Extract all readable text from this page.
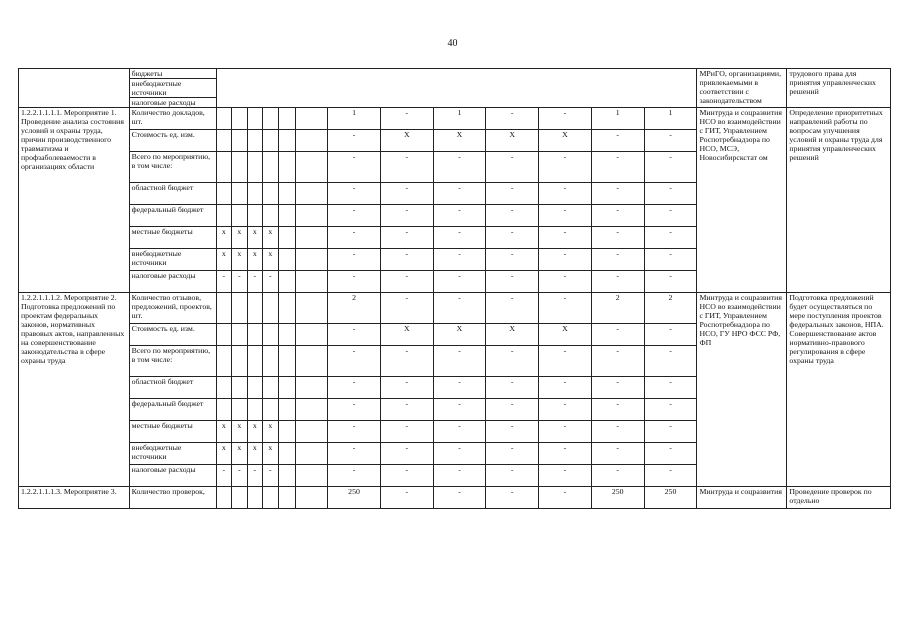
40
	бюджеты														МРиГО, организациями, привлекаемыми в соответствии с законодательством	трудового права для принятия управленческих решений
	внебюджетные источники															
	налоговые расходы															

1.2.2.1.1.1.1. Мероприятие 1. Проведение анализа состояния условий и охраны труда, причин производственного травматизма и профзаболеваемости в организациях области	Количество докладов, шт.							1	-	1	-	-	1	1	Минтруда и соцразвития НСО во взаимодействии с ГИТ, Управлением Роспотребнадзора по НСО, МСЭ, Новосибирскстат ом	Определение приоритетных направлений работы по вопросам улучшения условий и охраны труда для принятия управленческих решений
	Стоимость ед. изм.							-	Х	Х	Х	Х	-	-		
	Всего по мероприятию, в том числе:							-	-	-	-	-	-	-		
	областной бюджет							-	-	-	-	-	-	-		
	федеральный бюджет							-	-	-	-	-	-	-		
	местные бюджеты	х	х	х	х			-	-	-	-	-	-	-		
	внебюджетные источники	х	х	х	х			-	-	-	-	-	-	-		
	налоговые расходы	-	-	-	-			-	-	-	-	-	-	-		
1.2.2.1.1.1.2. Мероприятие 2. Подготовка предложений по проектам федеральных законов, нормативных правовых актов, направленных на совершенствование законодательства в сфере охраны труда	Количество отзывов, предложений, проектов, шт.							2	-	-	-	-	2	2	Минтруда и соцразвития НСО во взаимодействии с ГИТ, Управлением Роспотребнадзора по НСО, ГУ НРО ФСС РФ, ФП	Подготовка предложений будет осуществляться по мере поступления проектов федеральных законов, НПА. Совершенствование актов нормативно-правового регулирования в сфере охраны труда
	Стоимость ед. изм.							-	Х	Х	Х	Х	-	-		
	Всего по мероприятию, в том числе:							-	-	-	-	-	-	-		
	областной бюджет							-	-	-	-	-	-	-		
	федеральный бюджет							-	-	-	-	-	-	-		
	местные бюджеты	х	х	х	х			-	-	-	-	-	-	-		
	внебюджетные источники	х	х	х	х			-	-	-	-	-	-	-		
	налоговые расходы	-	-	-	-			-	-	-	-	-	-	-		
1.2.2.1.1.1.3. Мероприятие 3.	Количество проверок,							250	-	-	-	-	250	250	Минтруда и соцразвития	Проведение проверок по отдельно
